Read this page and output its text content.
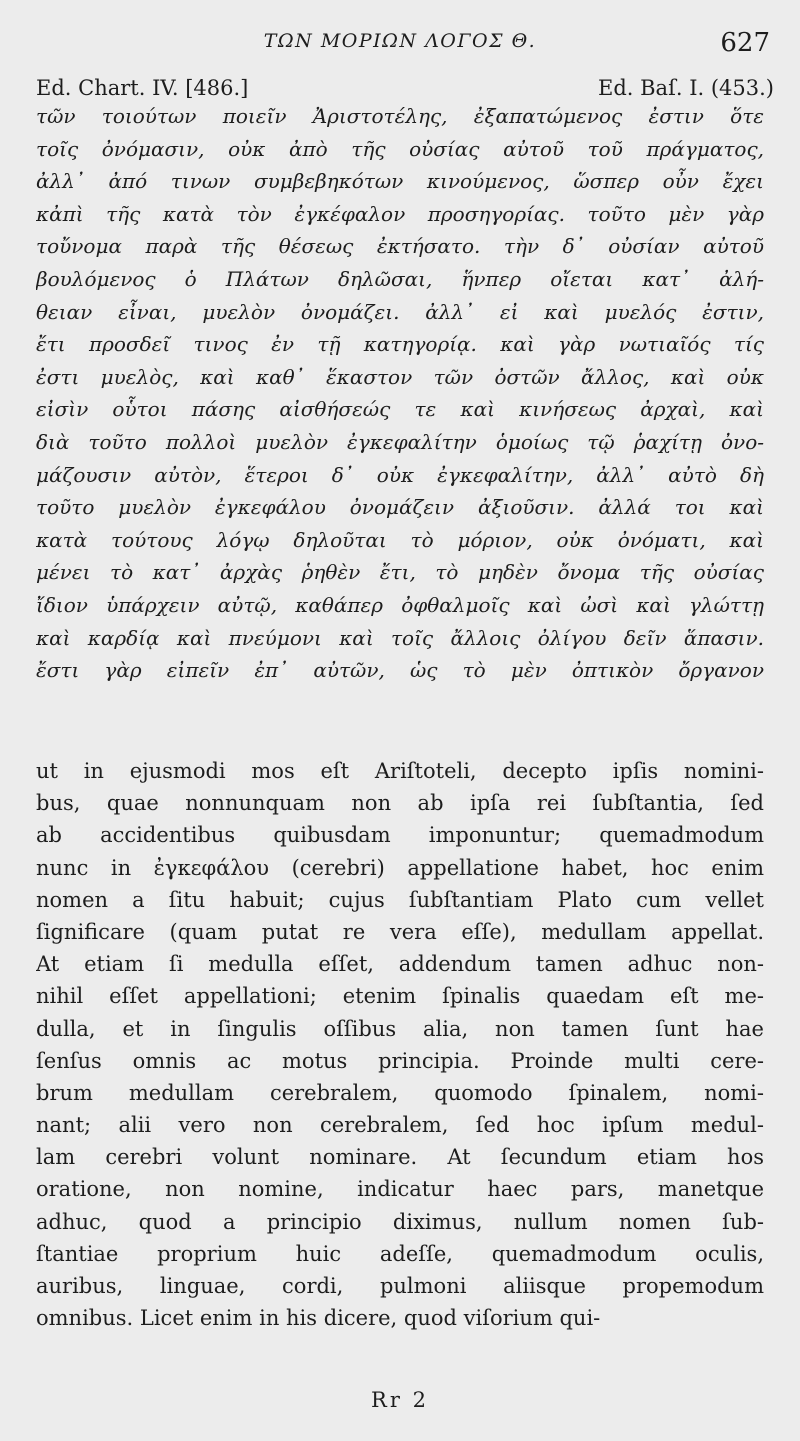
ΤΩΝ ΜΟΡΙΩΝ ΛΟΓΟΣ Θ.	627
Ed. Chart. IV. [486.]	Ed. Baſ. I. (453.)
τῶν τοιούτων ποιεῖν Ἀριστοτέλης, ἐξαπατώμενος ἐστιν ὅτε
τοῖς ὀνόμασιν, οὐκ ἀπὸ τῆς οὐσίας αὐτοῦ τοῦ πράγματος,
ἀλλ᾽ ἀπό τινων συμβεβηκότων κινούμενος, ὥσπερ οὖν ἔχει
κἀπὶ τῆς κατὰ τὸν ἐγκέφαλον προσηγορίας. τοῦτο μὲν γὰρ
τοὔνομα παρὰ τῆς θέσεως ἐκτήσατο. τὴν δ᾽ οὐσίαν αὐτοῦ
βουλόμενος ὁ Πλάτων δηλῶσαι, ἥνπερ οἴεται κατ᾽ ἀλή-
θειαν εἶναι, μυελὸν ὀνομάζει. ἀλλ᾽ εἰ καὶ μυελός ἐστιν,
ἔτι προσδεῖ τινος ἐν τῇ κατηγορίᾳ. καὶ γὰρ νωτιαῖός τίς
ἐστι μυελὸς, καὶ καθ᾽ ἕκαστον τῶν ὀστῶν ἄλλος, καὶ οὐκ
εἰσὶν οὗτοι πάσης αἰσθήσεώς τε καὶ κινήσεως ἀρχαὶ, καὶ
διὰ τοῦτο πολλοὶ μυελὸν ἐγκεφαλίτην ὁμοίως τῷ ῥαχίτῃ ὀνο-
μάζουσιν αὐτὸν, ἕτεροι δ᾽ οὐκ ἐγκεφαλίτην, ἀλλ᾽ αὐτὸ δὴ
τοῦτο μυελὸν ἐγκεφάλου ὀνομάζειν ἀξιοῦσιν. ἀλλά τοι καὶ
κατὰ τούτους λόγῳ δηλοῦται τὸ μόριον, οὐκ ὀνόματι, καὶ
μένει τὸ κατ᾽ ἀρχὰς ῥηθὲν ἔτι, τὸ μηδὲν ὄνομα τῆς οὐσίας
ἴδιον ὑπάρχειν αὐτῷ, καθάπερ ὀφθαλμοῖς καὶ ὠσὶ καὶ γλώττῃ
καὶ καρδίᾳ καὶ πνεύμονι καὶ τοῖς ἄλλοις ὀλίγου δεῖν ἅπασιν.
ἔστι γὰρ εἰπεῖν ἐπ᾽ αὐτῶν, ὡς τὸ μὲν ὀπτικὸν ὄργανον
ut in ejusmodi mos eſt Ariſtoteli, decepto ipſis nomini-
bus, quae nonnunquam non ab ipſa rei ſubſtantia, ſed
ab accidentibus quibusdam imponuntur; quemadmodum
nunc in ἐγκεφάλου (cerebri) appellatione habet, hoc enim
nomen a ſitu habuit; cujus ſubſtantiam Plato cum vellet
ſignificare (quam putat re vera eſſe), medullam appellat.
At etiam ſi medulla eſſet, addendum tamen adhuc non-
nihil eſſet appellationi; etenim ſpinalis quaedam eſt me-
dulla, et in ſingulis oſſibus alia, non tamen ſunt hae
ſenſus omnis ac motus principia. Proinde multi cere-
brum medullam cerebralem, quomodo ſpinalem, nomi-
nant; alii vero non cerebralem, ſed hoc ipſum medul-
lam cerebri volunt nominare. At ſecundum etiam hos
oratione, non nomine, indicatur haec pars, manetque
adhuc, quod a principio diximus, nullum nomen ſub-
ſtantiae proprium huic adeſſe, quemadmodum oculis,
auribus, linguae, cordi, pulmoni aliisque propemodum
omnibus. Licet enim in his dicere, quod viſorium qui-
Rr 2
